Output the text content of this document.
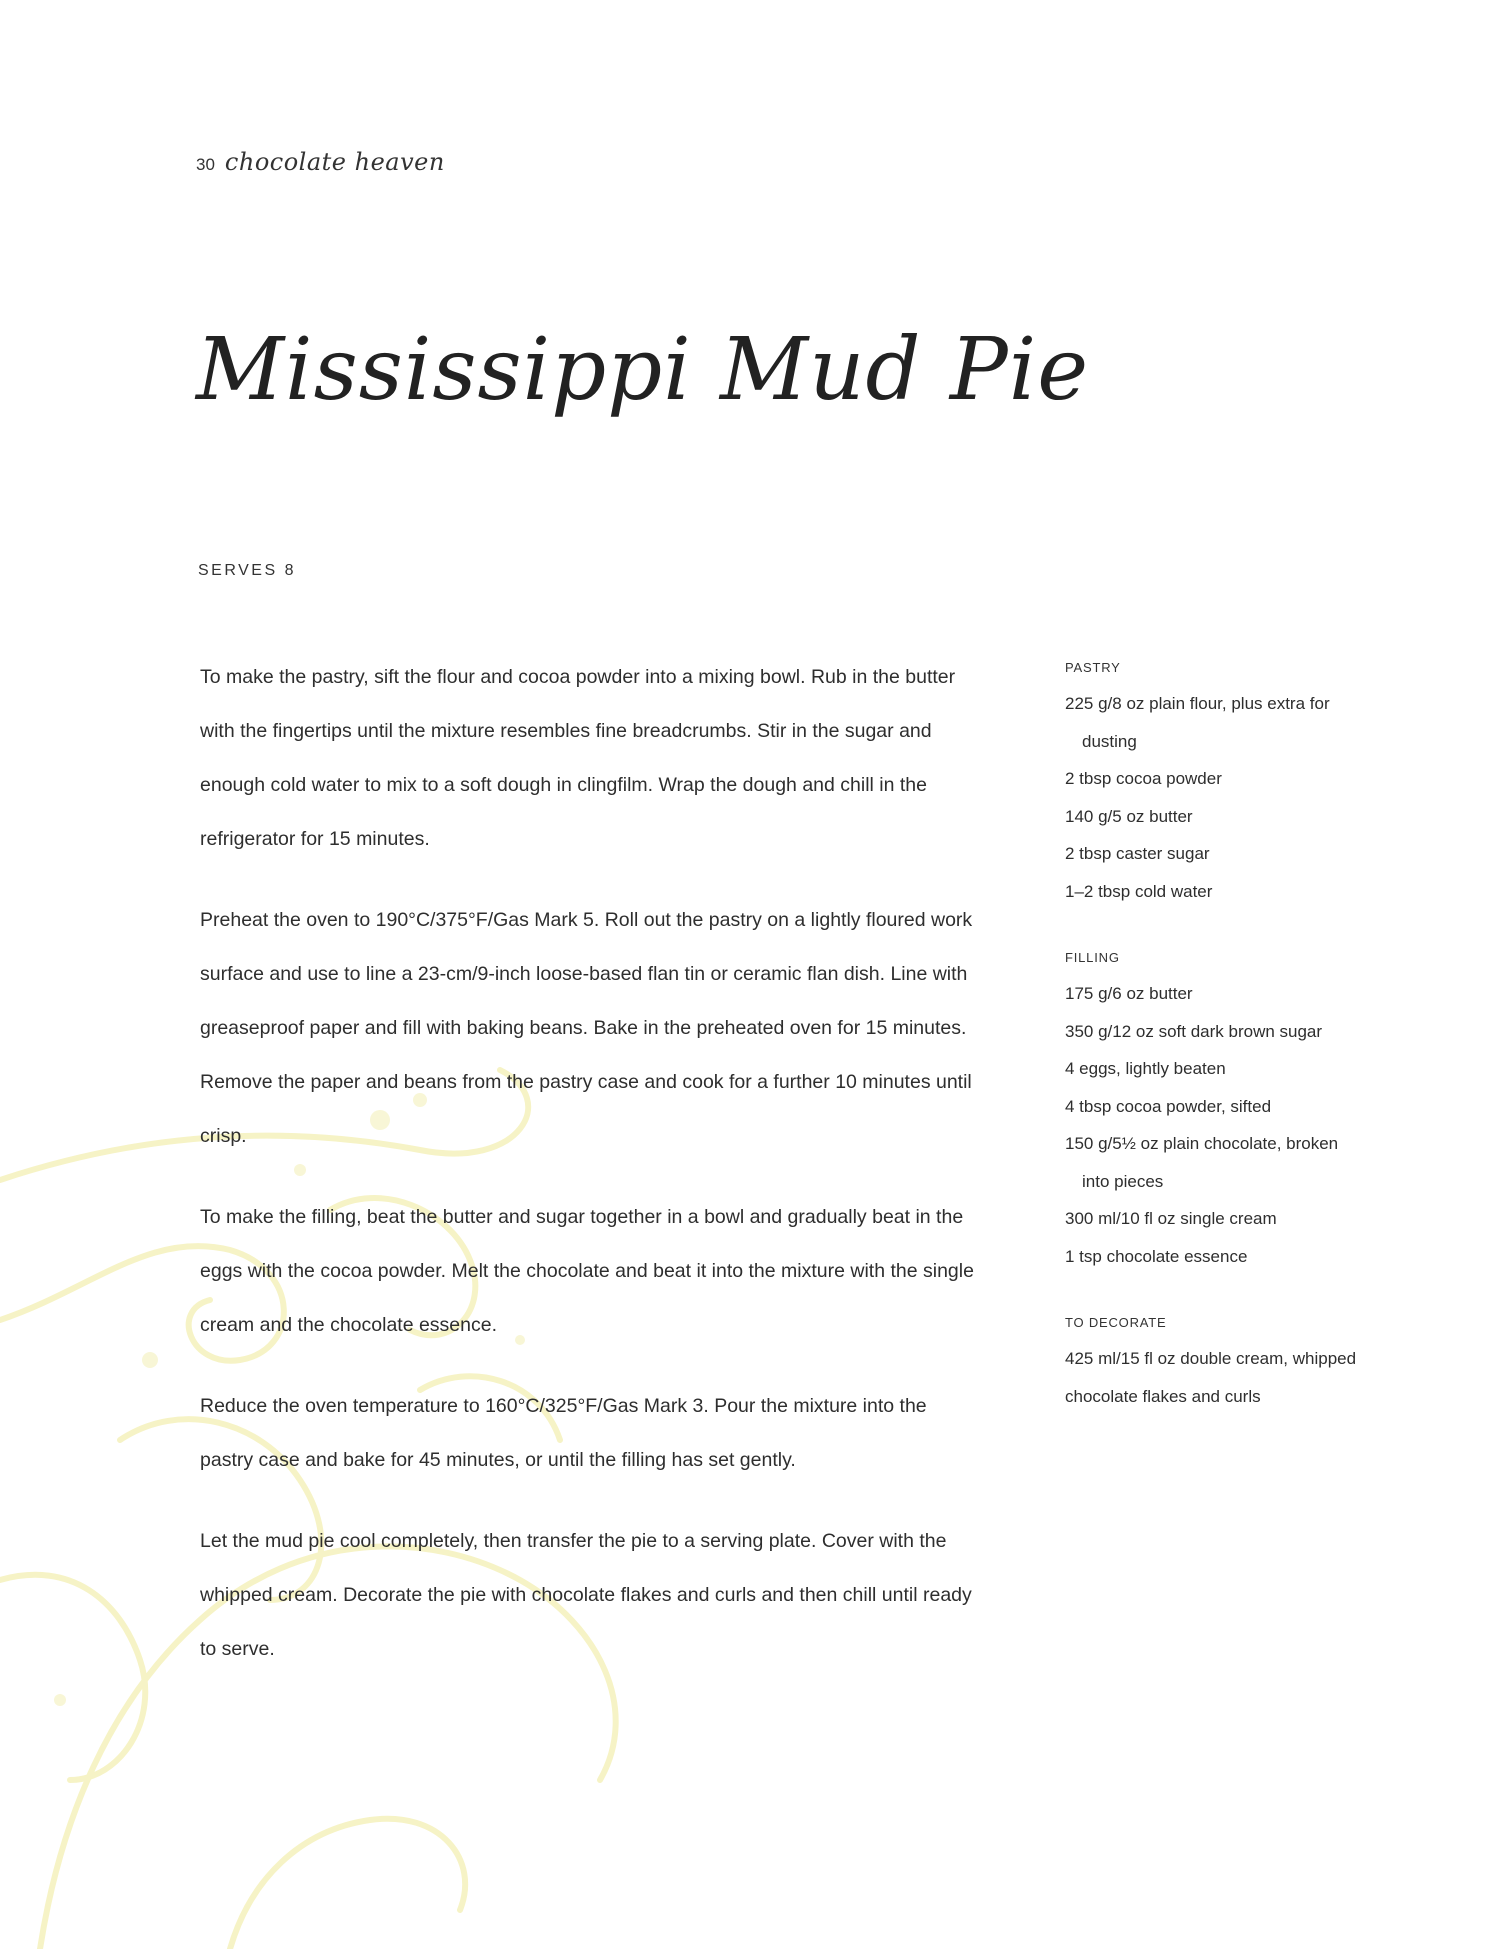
30 chocolate heaven
Mississippi Mud Pie
SERVES 8

To make the pastry, sift the flour and cocoa powder into a mixing bowl. Rub in the butter with the fingertips until the mixture resembles fine breadcrumbs. Stir in the sugar and enough cold water to mix to a soft dough in clingfilm. Wrap the dough and chill in the refrigerator for 15 minutes.

Preheat the oven to 190°C/375°F/Gas Mark 5. Roll out the pastry on a lightly floured work surface and use to line a 23-cm/9-inch loose-based flan tin or ceramic flan dish. Line with greaseproof paper and fill with baking beans. Bake in the preheated oven for 15 minutes. Remove the paper and beans from the pastry case and cook for a further 10 minutes until crisp.

To make the filling, beat the butter and sugar together in a bowl and gradually beat in the eggs with the cocoa powder. Melt the chocolate and beat it into the mixture with the single cream and the chocolate essence.

Reduce the oven temperature to 160°C/325°F/Gas Mark 3. Pour the mixture into the pastry case and bake for 45 minutes, or until the filling has set gently.

Let the mud pie cool completely, then transfer the pie to a serving plate. Cover with the whipped cream. Decorate the pie with chocolate flakes and curls and then chill until ready to serve.

PASTRY
225 g/8 oz plain flour, plus extra for dusting
2 tbsp cocoa powder
140 g/5 oz butter
2 tbsp caster sugar
1–2 tbsp cold water
FILLING
175 g/6 oz butter
350 g/12 oz soft dark brown sugar
4 eggs, lightly beaten
4 tbsp cocoa powder, sifted
150 g/5½ oz plain chocolate, broken into pieces
300 ml/10 fl oz single cream
1 tsp chocolate essence
TO DECORATE
425 ml/15 fl oz double cream, whipped
chocolate flakes and curls
